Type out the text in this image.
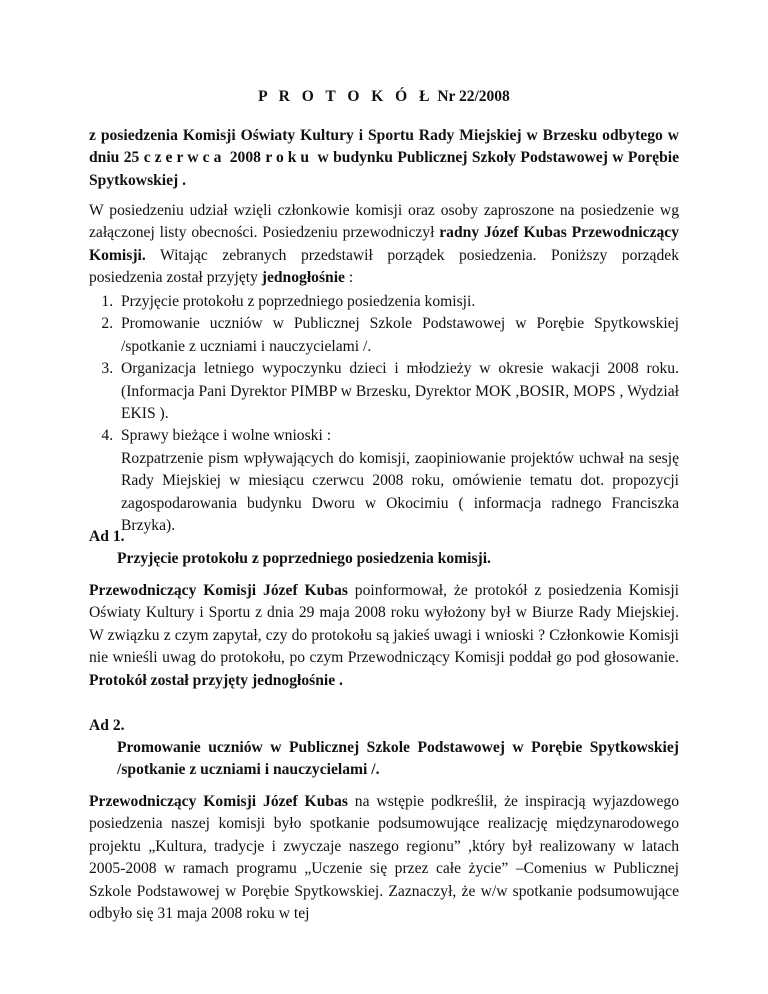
P R O T O K Ó Ł Nr 22/2008
z posiedzenia Komisji Oświaty Kultury i Sportu Rady Miejskiej w Brzesku odbytego w dniu 25 czerwca 2008 roku w budynku Publicznej Szkoły Podstawowej w Porębie Spytkowskiej .
W posiedzeniu udział wzięli członkowie komisji oraz osoby zaproszone na posiedzenie wg załączonej listy obecności. Posiedzeniu przewodniczył radny Józef Kubas Przewodniczący Komisji. Witając zebranych przedstawił porządek posiedzenia. Poniższy porządek posiedzenia został przyjęty jednogłośnie :
1. Przyjęcie protokołu z poprzedniego posiedzenia komisji.
2. Promowanie uczniów w Publicznej Szkole Podstawowej w Porębie Spytkowskiej /spotkanie z uczniami i nauczycielami /.
3. Organizacja letniego wypoczynku dzieci i młodzieży w okresie wakacji 2008 roku. (Informacja Pani Dyrektor PIMBP w Brzesku, Dyrektor MOK ,BOSIR, MOPS , Wydział EKIS ).
4. Sprawy bieżące i wolne wnioski :
Rozpatrzenie pism wpływających do komisji, zaopiniowanie projektów uchwał na sesję Rady Miejskiej w miesiącu czerwcu 2008 roku, omówienie tematu dot. propozycji zagospodarowania budynku Dworu w Okocimiu ( informacja radnego Franciszka Brzyka).
Ad 1.
Przyjęcie protokołu z poprzedniego posiedzenia komisji.
Przewodniczący Komisji Józef Kubas poinformował, że protokół z posiedzenia Komisji Oświaty Kultury i Sportu z dnia 29 maja 2008 roku wyłożony był w Biurze Rady Miejskiej. W związku z czym zapytał, czy do protokołu są jakieś uwagi i wnioski ? Członkowie Komisji nie wnieśli uwag do protokołu, po czym Przewodniczący Komisji poddał go pod głosowanie. Protokół został przyjęty jednogłośnie .
Ad 2.
Promowanie uczniów w Publicznej Szkole Podstawowej w Porębie Spytkowskiej /spotkanie z uczniami i nauczycielami /.
Przewodniczący Komisji Józef Kubas na wstępie podkreślił, że inspiracją wyjazdowego posiedzenia naszej komisji było spotkanie podsumowujące realizację międzynarodowego projektu „Kultura, tradycje i zwyczaje naszego regionu” ,który był realizowany w latach 2005-2008 w ramach programu „Uczenie się przez całe życie” –Comenius w Publicznej Szkole Podstawowej w Porębie Spytkowskiej. Zaznaczył, że w/w spotkanie podsumowujące odbyło się 31 maja 2008 roku w tej
